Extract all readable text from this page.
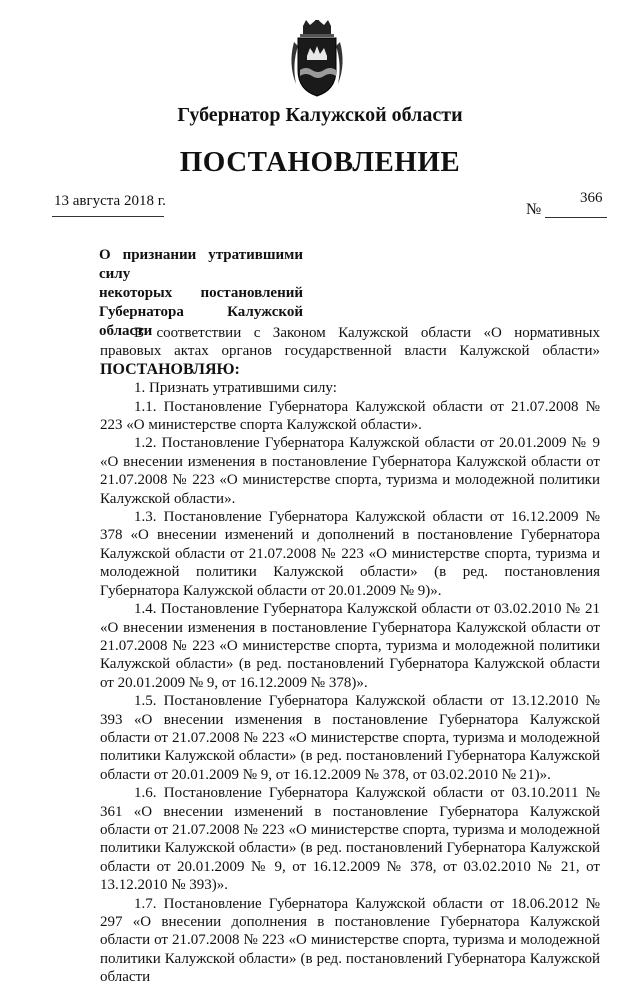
Губернатор Калужской области
ПОСТАНОВЛЕНИЕ
13 августа 2018 г.	366
№
О признании утратившими силу
некоторых постановлений
Губернатора Калужской области

В соответствии с Законом Калужской области «О нормативных правовых актах органов государственной власти Калужской области» ПОСТАНОВЛЯЮ:

1. Признать утратившими силу:

1.1. Постановление Губернатора Калужской области от 21.07.2008 № 223 «О министерстве спорта Калужской области».

1.2. Постановление Губернатора Калужской области от 20.01.2009 № 9 «О внесении изменения в постановление Губернатора Калужской области от 21.07.2008 № 223 «О министерстве спорта, туризма и молодежной политики Калужской области».

1.3. Постановление Губернатора Калужской области от 16.12.2009 № 378 «О внесении изменений и дополнений в постановление Губернатора Калужской области от 21.07.2008 № 223 «О министерстве спорта, туризма и молодежной политики Калужской области» (в ред. постановления Губернатора Калужской области от 20.01.2009 № 9)».

1.4. Постановление Губернатора Калужской области от 03.02.2010 № 21 «О внесении изменения в постановление Губернатора Калужской области от 21.07.2008 № 223 «О министерстве спорта, туризма и молодежной политики Калужской области» (в ред. постановлений Губернатора Калужской области от 20.01.2009 № 9, от 16.12.2009 № 378)».

1.5. Постановление Губернатора Калужской области от 13.12.2010 № 393 «О внесении изменения в постановление Губернатора Калужской области от 21.07.2008 № 223 «О министерстве спорта, туризма и молодежной политики Калужской области» (в ред. постановлений Губернатора Калужской области от 20.01.2009 № 9, от 16.12.2009 № 378, от 03.02.2010 № 21)».

1.6. Постановление Губернатора Калужской области от 03.10.2011 № 361 «О внесении изменений в постановление Губернатора Калужской области от 21.07.2008 № 223 «О министерстве спорта, туризма и молодежной политики Калужской области» (в ред. постановлений Губернатора Калужской области от 20.01.2009 № 9, от 16.12.2009 № 378, от 03.02.2010 № 21, от 13.12.2010 № 393)».

1.7. Постановление Губернатора Калужской области от 18.06.2012 № 297 «О внесении дополнения в постановление Губернатора Калужской области от 21.07.2008 № 223 «О министерстве спорта, туризма и молодежной политики Калужской области» (в ред. постановлений Губернатора Калужской области
